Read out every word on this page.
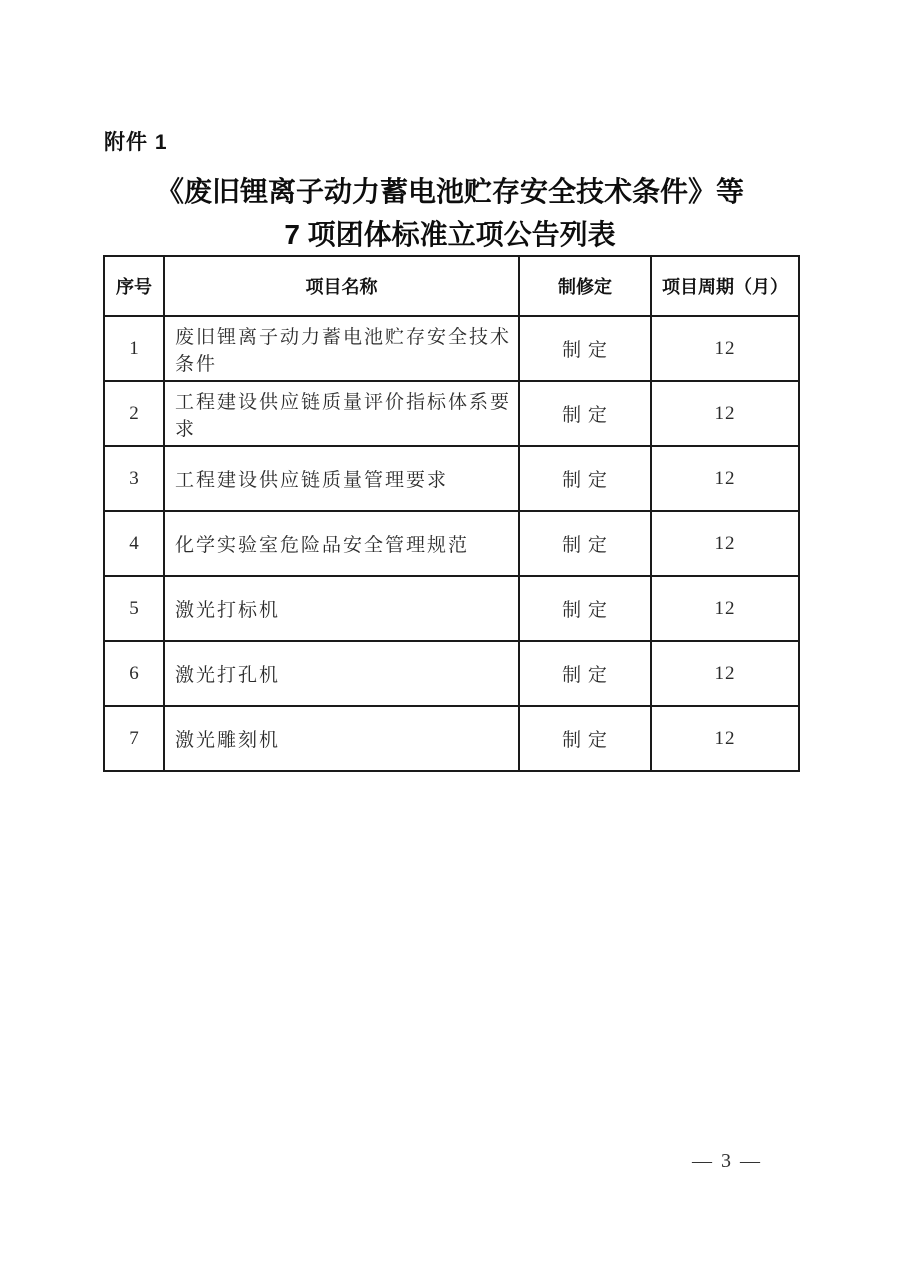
附件 1
《废旧锂离子动力蓄电池贮存安全技术条件》等
7 项团体标准立项公告列表
序号	项目名称	制修定	项目周期（月）
1	废旧锂离子动力蓄电池贮存安全技术条件	制 定	12
2	工程建设供应链质量评价指标体系要求	制 定	12
3	工程建设供应链质量管理要求	制 定	12
4	化学实验室危险品安全管理规范	制 定	12
5	激光打标机	制 定	12
6	激光打孔机	制 定	12
7	激光雕刻机	制 定	12
— 3 —
